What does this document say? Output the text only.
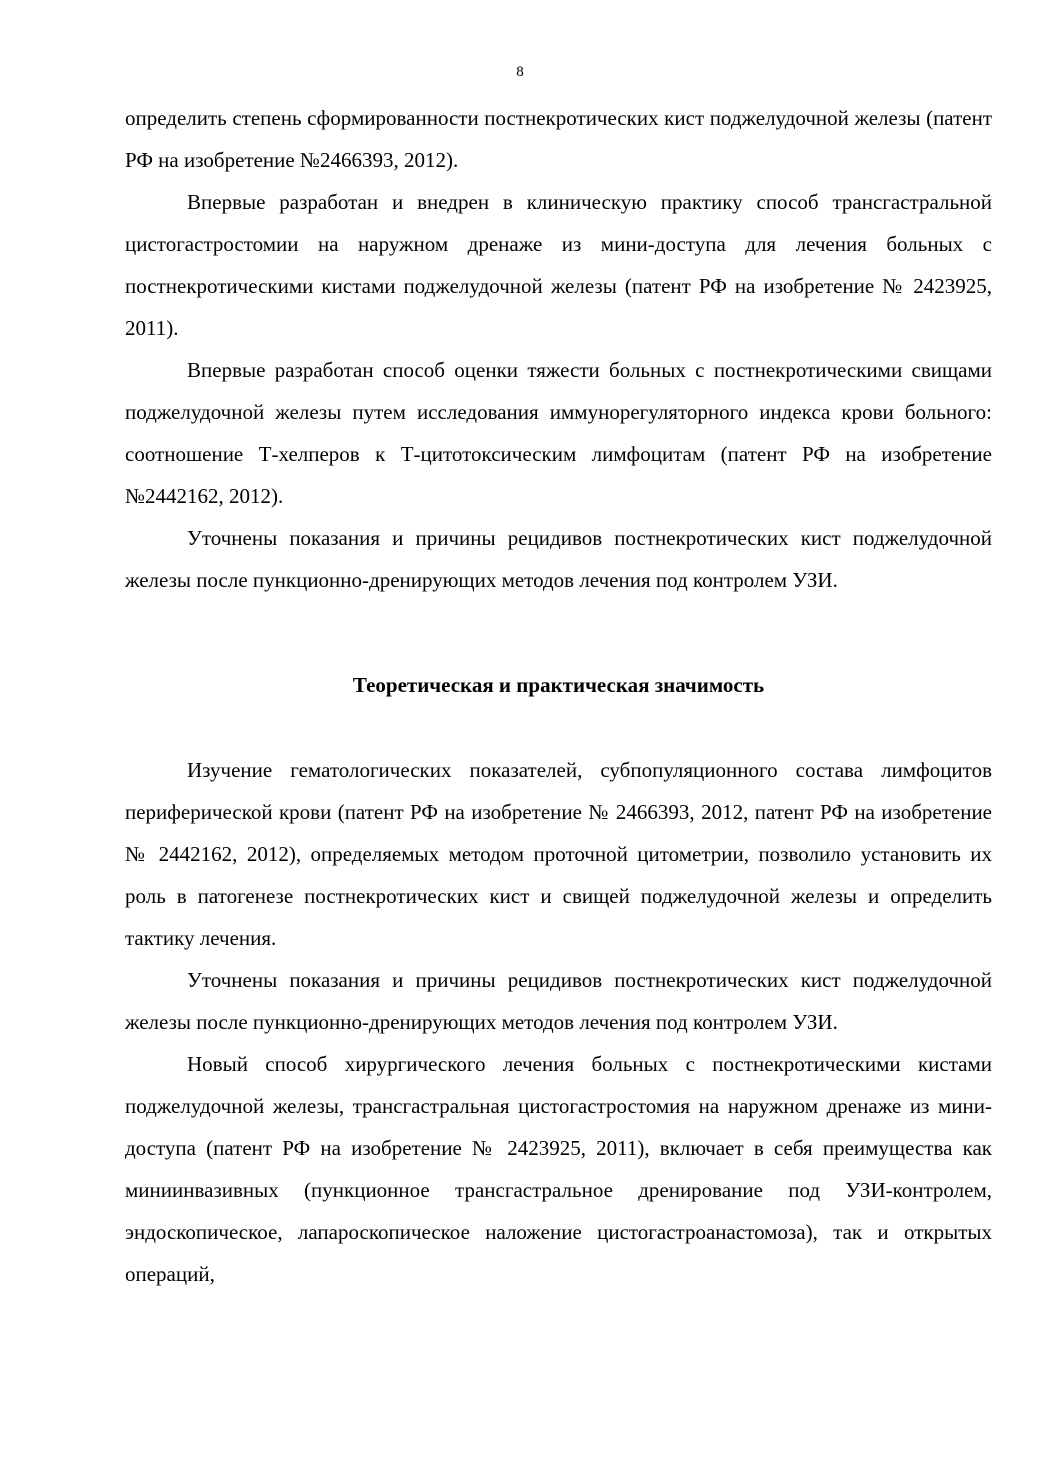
8

определить степень сформированности постнекротических кист поджелудочной железы (патент РФ на изобретение №2466393, 2012).

Впервые разработан и внедрен в клиническую практику способ трансгастральной цистогастростомии на наружном дренаже из мини-доступа для лечения больных с постнекротическими кистами поджелудочной железы (патент РФ на изобретение № 2423925, 2011).

Впервые разработан способ оценки тяжести больных с постнекротическими свищами поджелудочной железы путем исследования иммунорегуляторного индекса крови больного: соотношение Т-хелперов к Т-цитотоксическим лимфоцитам (патент РФ на изобретение №2442162, 2012).

Уточнены показания и причины рецидивов постнекротических кист поджелудочной железы после пункционно-дренирующих методов лечения под контролем УЗИ.

Теоретическая и практическая значимость

Изучение гематологических показателей, субпопуляционного состава лимфоцитов периферической крови (патент РФ на изобретение № 2466393, 2012, патент РФ на изобретение № 2442162, 2012), определяемых методом проточной цитометрии, позволило установить их роль в патогенезе постнекротических кист и свищей поджелудочной железы и определить тактику лечения.

Уточнены показания и причины рецидивов постнекротических кист поджелудочной железы после пункционно-дренирующих методов лечения под контролем УЗИ.

Новый способ хирургического лечения больных с постнекротическими кистами поджелудочной железы, трансгастральная цистогастростомия на наружном дренаже из мини-доступа (патент РФ на изобретение № 2423925, 2011), включает в себя преимущества как миниинвазивных (пункционное трансгастральное дренирование под УЗИ-контролем, эндоскопическое, лапароскопическое наложение цистогастроанастомоза), так и открытых операций,
